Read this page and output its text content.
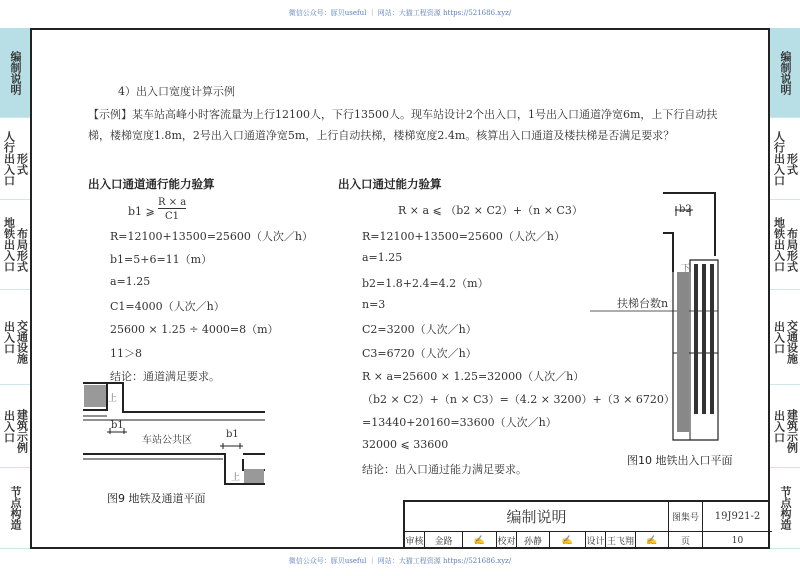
微信公众号：豚贝useful ｜ 网站：大猫工程资源 https://521686.xyz/
微信公众号：豚贝useful ｜ 网站：大猫工程资源 https://521686.xyz/
编制说明
人行出入口 形式
地铁出入口 布局形式
出入口 交通设施
出入口 建筑示例
节点构造
编制说明
人行出入口 形式
地铁出入口 布局形式
出入口 交通设施
出入口 建筑示例
节点构造
4）出入口宽度计算示例
【示例】某车站高峰小时客流量为上行12100人，下行13500人。现车站设计2个出入口，1号出入口通道净宽6m，上下行自动扶梯，楼梯宽度1.8m，2号出入口通道净宽5m，上行自动扶梯，楼梯宽度2.4m。核算出入口通道及楼扶梯是否满足要求？
出入口通道通行能力验算
b1 ⩾
R × a
C1
R=12100+13500=25600（人次／h）
b1=5+6=11（m）
a=1.25
C1=4000（人次／h）
25600 × 1.25 ÷ 4000=8（m）
11＞8
结论：通道满足要求。
出入口通过能力验算
R × a ⩽ （b2 × C2）+（n × C3）
R=12100+13500=25600（人次／h）
a=1.25
b2=1.8+2.4=4.2（m）
n=3
C2=3200（人次／h）
C3=6720（人次／h）
R × a=25600 × 1.25=32000（人次／h）
（b2 × C2）+（n × C3）=（4.2 × 3200）+（3 × 6720）
=13440+20160=33600（人次／h）
32000 ⩽ 33600
结论：出入口通过能力满足要求。
b1
b1
车站公共区
上
上
图9 地铁及通道平面
b2
下
扶梯台数n
图10 地铁出入口平面
编制说明	图集号	19J921-2
审核	金路	✍	校对 孙静	✍	设计 王飞翔	✍	页	10
